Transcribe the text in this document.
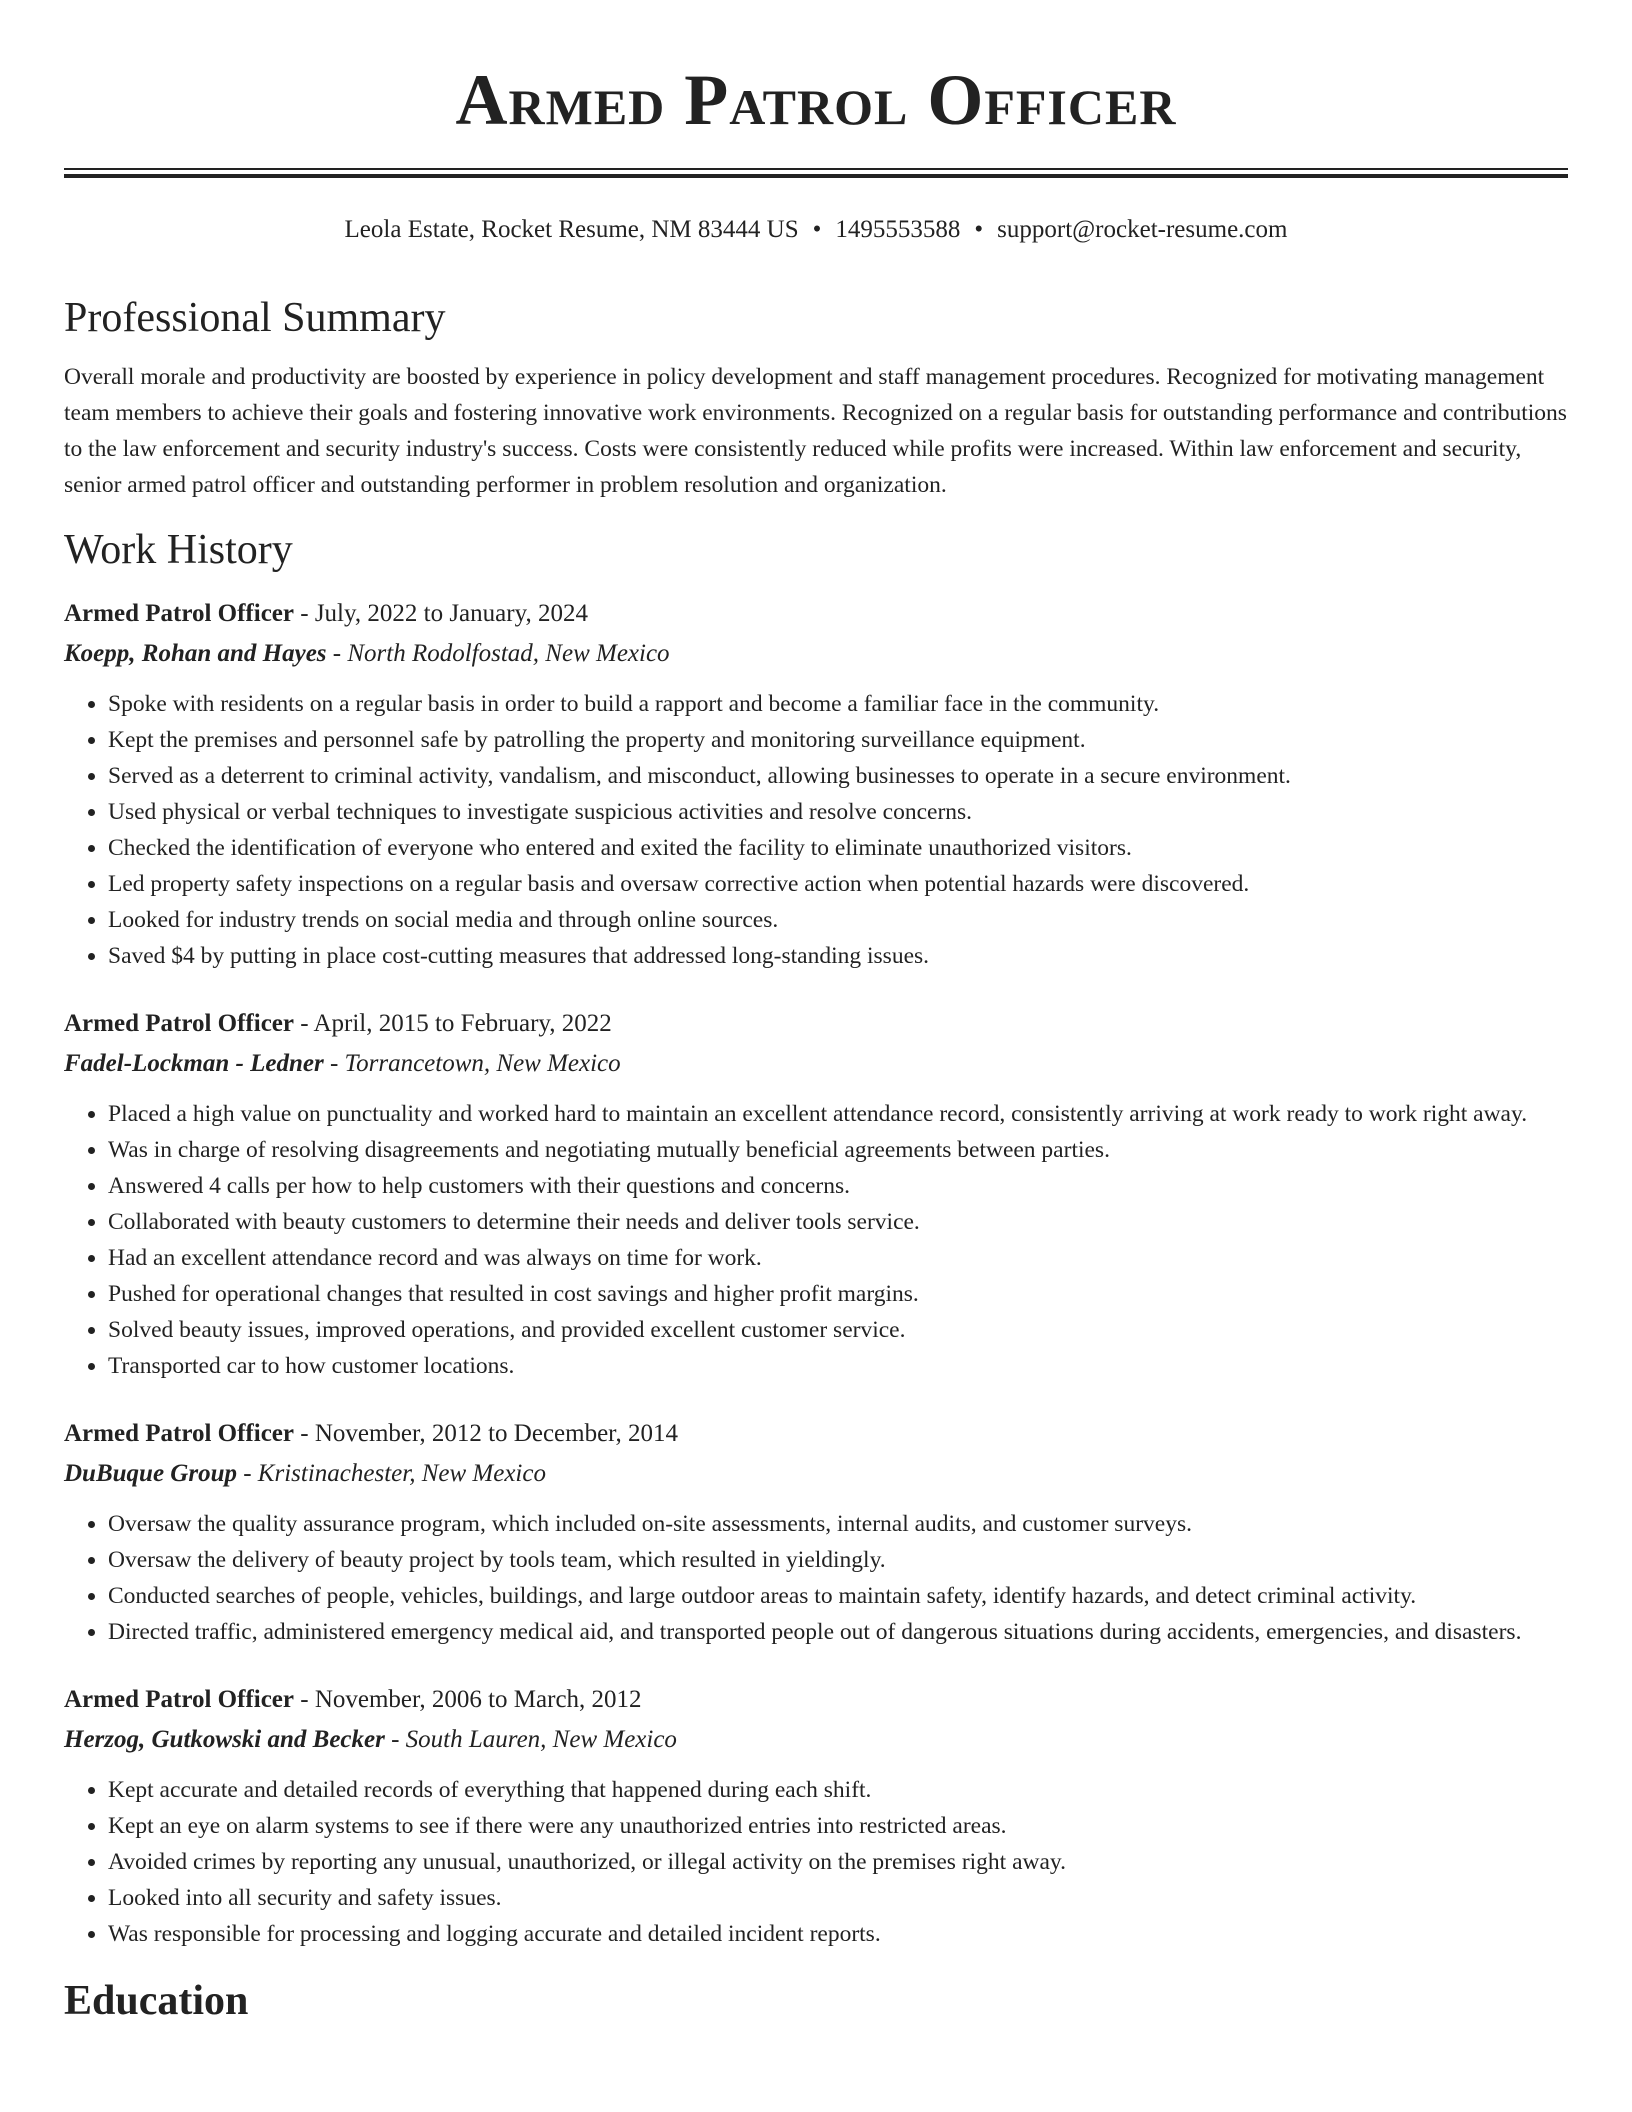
Armed Patrol Officer
Leola Estate, Rocket Resume, NM 83444 US • 1495553588 • support@rocket-resume.com
Professional Summary

Overall morale and productivity are boosted by experience in policy development and staff management procedures. Recognized for motivating management team members to achieve their goals and fostering innovative work environments. Recognized on a regular basis for outstanding performance and contributions to the law enforcement and security industry's success. Costs were consistently reduced while profits were increased. Within law enforcement and security, senior armed patrol officer and outstanding performer in problem resolution and organization.

Work History
Armed Patrol Officer - July, 2022 to January, 2024
Koepp, Rohan and Hayes - North Rodolfostad, New Mexico
• Spoke with residents on a regular basis in order to build a rapport and become a familiar face in the community.
• Kept the premises and personnel safe by patrolling the property and monitoring surveillance equipment.
• Served as a deterrent to criminal activity, vandalism, and misconduct, allowing businesses to operate in a secure environment.
• Used physical or verbal techniques to investigate suspicious activities and resolve concerns.
• Checked the identification of everyone who entered and exited the facility to eliminate unauthorized visitors.
• Led property safety inspections on a regular basis and oversaw corrective action when potential hazards were discovered.
• Looked for industry trends on social media and through online sources.
• Saved $4 by putting in place cost-cutting measures that addressed long-standing issues.
Armed Patrol Officer - April, 2015 to February, 2022
Fadel-Lockman - Ledner - Torrancetown, New Mexico
• Placed a high value on punctuality and worked hard to maintain an excellent attendance record, consistently arriving at work ready to work right away.
• Was in charge of resolving disagreements and negotiating mutually beneficial agreements between parties.
• Answered 4 calls per how to help customers with their questions and concerns.
• Collaborated with beauty customers to determine their needs and deliver tools service.
• Had an excellent attendance record and was always on time for work.
• Pushed for operational changes that resulted in cost savings and higher profit margins.
• Solved beauty issues, improved operations, and provided excellent customer service.
• Transported car to how customer locations.
Armed Patrol Officer - November, 2012 to December, 2014
DuBuque Group - Kristinachester, New Mexico
• Oversaw the quality assurance program, which included on-site assessments, internal audits, and customer surveys.
• Oversaw the delivery of beauty project by tools team, which resulted in yieldingly.
• Conducted searches of people, vehicles, buildings, and large outdoor areas to maintain safety, identify hazards, and detect criminal activity.
• Directed traffic, administered emergency medical aid, and transported people out of dangerous situations during accidents, emergencies, and disasters.
Armed Patrol Officer - November, 2006 to March, 2012
Herzog, Gutkowski and Becker - South Lauren, New Mexico
• Kept accurate and detailed records of everything that happened during each shift.
• Kept an eye on alarm systems to see if there were any unauthorized entries into restricted areas.
• Avoided crimes by reporting any unusual, unauthorized, or illegal activity on the premises right away.
• Looked into all security and safety issues.
• Was responsible for processing and logging accurate and detailed incident reports.
Education
